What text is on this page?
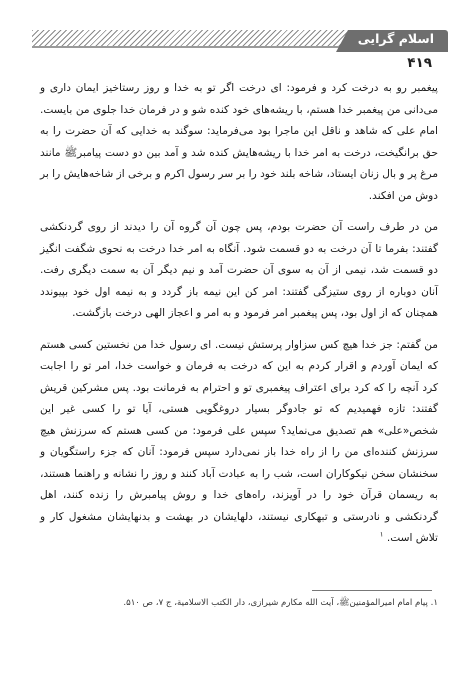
اسلام گرایی
۴۱۹

پیغمبر رو به درخت کرد و فرمود: ای درخت اگر تو به خدا و روز رستاخیز ایمان داری و می‌دانی من پیغمبر خدا هستم، با ریشه‌های خود کنده شو و در فرمان خدا جلوی من بایست. امام علی که شاهد و ناقل این ماجرا بود می‌فرماید: سوگند به خدایی که آن حضرت را به حق برانگیخت، درخت به امر خدا با ریشه‌هایش کنده شد و آمد بین دو دست پیامبرﷺ مانند مرغ پر و بال زنان ایستاد، شاخه بلند خود را بر سر رسول اکرم و برخی از شاخه‌هایش را بر دوش من افکند.

من در طرف راست آن حضرت بودم، پس چون آن گروه آن را دیدند از روی گردنکشی گفتند: بفرما تا آن درخت به دو قسمت شود. آنگاه به امر خدا درخت به نحوی شگفت انگیز دو قسمت شد، نیمی از آن به سوی آن حضرت آمد و نیم دیگر آن به سمت دیگری رفت. آنان دوباره از روی ستیزگی گفتند: امر کن این نیمه باز گردد و به نیمه اول خود بپیوندد همچنان که از اول بود، پس پیغمبر امر فرمود و به امر و اعجاز الهی درخت بازگشت.

من گفتم: جز خدا هیچ کس سزاوار پرستش نیست. ای رسول خدا من نخستین کسی هستم که ایمان آوردم و اقرار کردم به این که درخت به فرمان و خواست خدا، امر تو را اجابت کرد آنچه را که کرد برای اعتراف پیغمبری تو و احترام به فرمانت بود. پس مشرکین قریش گفتند: تازه فهمیدیم که تو جادوگر بسیار دروغگویی هستی، آیا تو را کسی غیر این شخص«علی» هم تصدیق می‌نماید؟ سپس علی فرمود: من کسی هستم که سرزنش هیچ سرزنش کننده‌ای من را از راه خدا باز نمی‌دارد سپس فرمود: آنان که جزء راستگویان و سخنشان سخن نیکوکاران است، شب را به عبادت آباد کنند و روز را نشانه و راهنما هستند، به ریسمان قرآن خود را در آویزند، راه‌های خدا و روش پیامبرش را زنده کنند، اهل گردنکشی و نادرستی و تبهکاری نیستند، دلهایشان در بهشت و بدنهایشان مشغول کار و تلاش است. $^۱$

۱. پیام امام امیرالمؤمنینﷺ، آیت الله مکارم شیرازی، دار الکتب الاسلامیة، ج ۷، ص ۵۱۰.
